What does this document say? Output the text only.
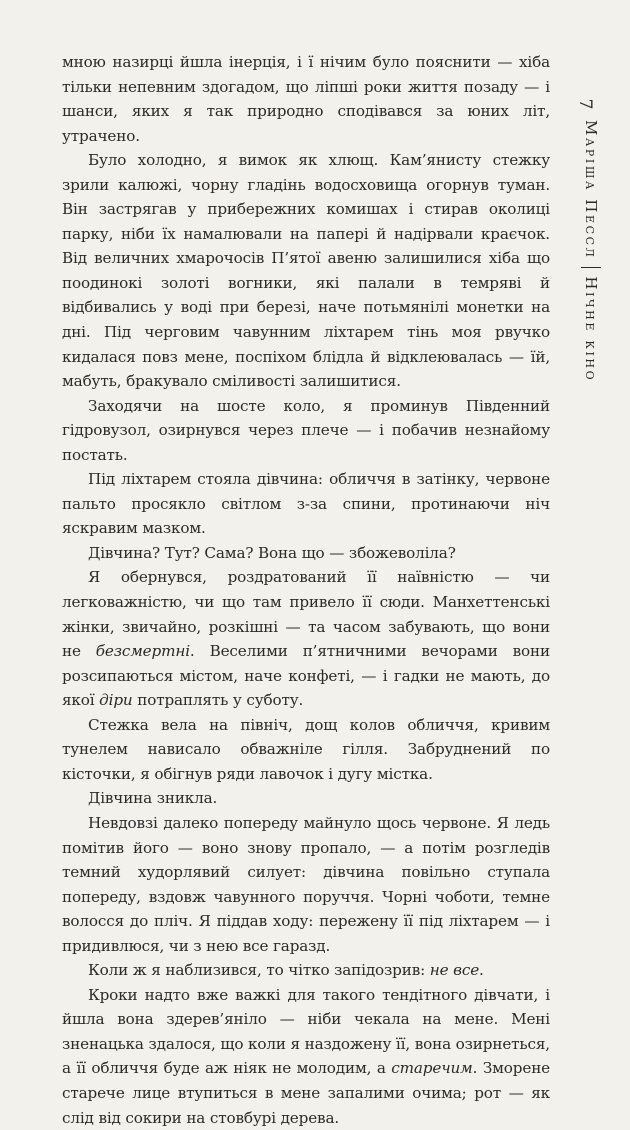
мною назирці йшла інерція, і ї нічим було пояснити — хіба тільки непевним здогадом, що ліпші роки життя позаду — і шанси, яких я так природно сподівався за юних літ, утрачено.

Було холодно, я вимок як хлющ. Кам’янисту стежку зрили калюжі, чорну гладінь водосховища огорнув туман. Він застрягав у прибережних комишах і стирав околиці парку, ніби їх намалювали на папері й надірвали краєчок. Від величних хмарочосів П’ятої авеню залишилися хіба що поодинокі золоті вогники, які палали в темряві й відбивались у воді при березі, наче потьмянілі монетки на дні. Під черговим чавунним ліхтарем тінь моя рвучко кидалася повз мене, поспіхом блідла й відклеювалась — їй, мабуть, бракувало сміливості залишитися.

Заходячи на шосте коло, я проминув Південний гідровузол, озирнувся через плече — і побачив незнайому постать.

Під ліхтарем стояла дівчина: обличчя в затінку, червоне пальто просякло світлом з-за спини, протинаючи ніч яскравим мазком.

Дівчина? Тут? Сама? Вона що — збожеволіла?

Я обернувся, роздратований її наївністю — чи легковажністю, чи що там привело її сюди. Манхеттенські жінки, звичайно, розкішні — та часом забувають, що вони не безсмертні. Веселими п’ятничними вечорами вони розсипаються містом, наче конфеті, — і гадки не мають, до якої діри потраплять у суботу.

Стежка вела на північ, дощ колов обличчя, кривим тунелем нависало обважніле гілля. Забруднений по кісточки, я обігнув ряди лавочок і дугу містка.

Дівчина зникла.

Невдовзі далеко попереду майнуло щось червоне. Я ледь помітив його — воно знову пропало, — а потім розгледів темний худорлявий силует: дівчина повільно ступала попереду, вздовж чавунного поруччя. Чорні чоботи, темне волосся до пліч. Я піддав ходу: пережену її під ліхтарем — і придивлюся, чи з нею все гаразд.

Коли ж я наблизився, то чітко запідозрив: не все.

Кроки надто вже важкі для такого тендітного дівчати, і йшла вона здерев’яніло — ніби чекала на мене. Мені зненацька здалося, що коли я наздожену її, вона озирнеться, а її обличчя буде аж ніяк не молодим, а старечим. Зморене старече лице втупиться в мене запалими очима; рот — як слід від сокири на стовбурі дерева.

7
Маріша Пессл
Нічне кіно
